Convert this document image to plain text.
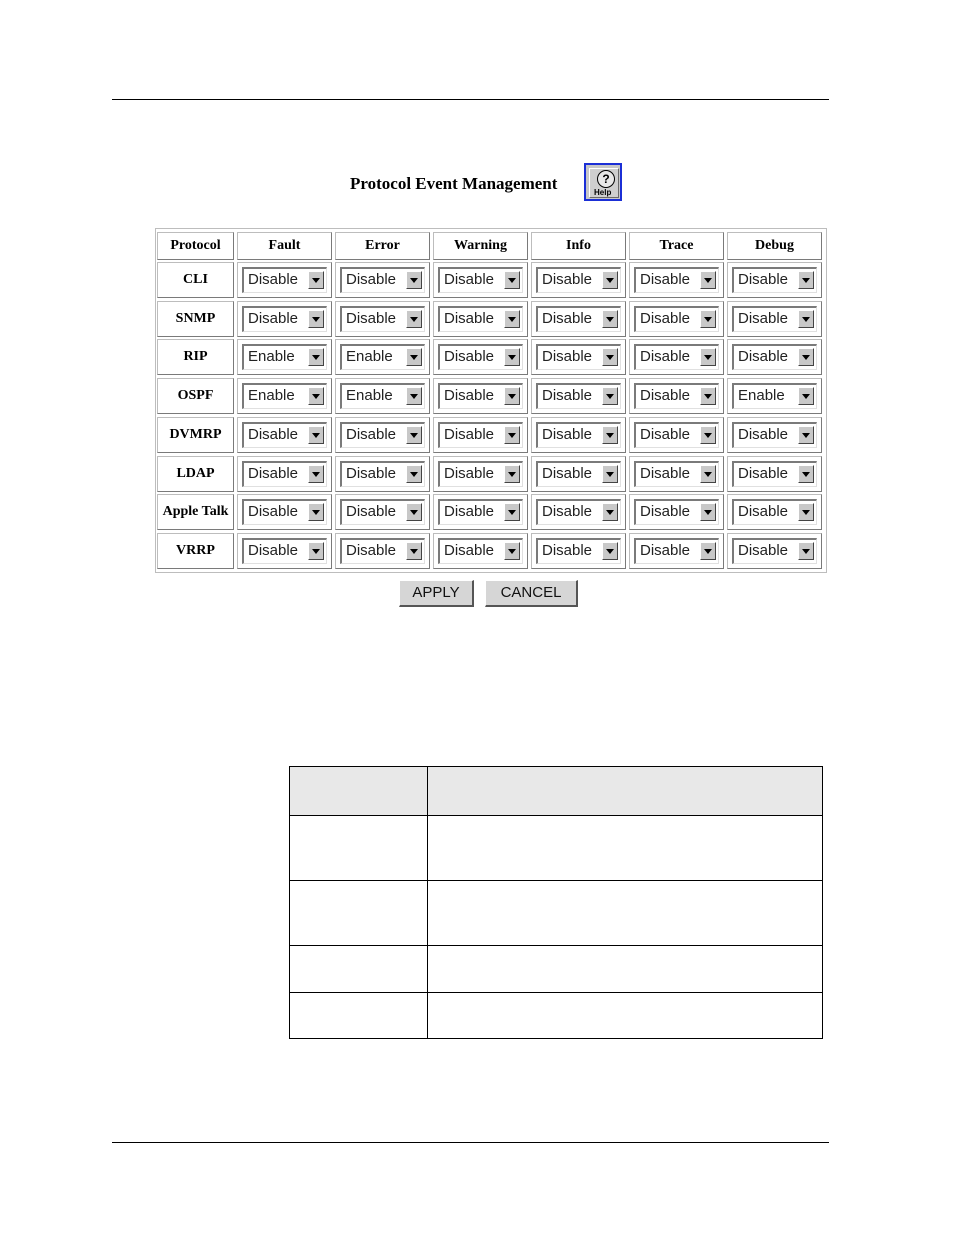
Protocol Event Management	?
Help
Protocol	Fault	Error	Warning	Info	Trace	Debug
CLI	Disable	Disable	Disable	Disable	Disable	Disable
SNMP	Disable	Disable	Disable	Disable	Disable	Disable
RIP	Enable	Enable	Disable	Disable	Disable	Disable
OSPF	Enable	Enable	Disable	Disable	Disable	Enable
DVMRP	Disable	Disable	Disable	Disable	Disable	Disable
LDAP	Disable	Disable	Disable	Disable	Disable	Disable
Apple Talk	Disable	Disable	Disable	Disable	Disable	Disable
VRRP	Disable	Disable	Disable	Disable	Disable	Disable
APPLY	CANCEL
